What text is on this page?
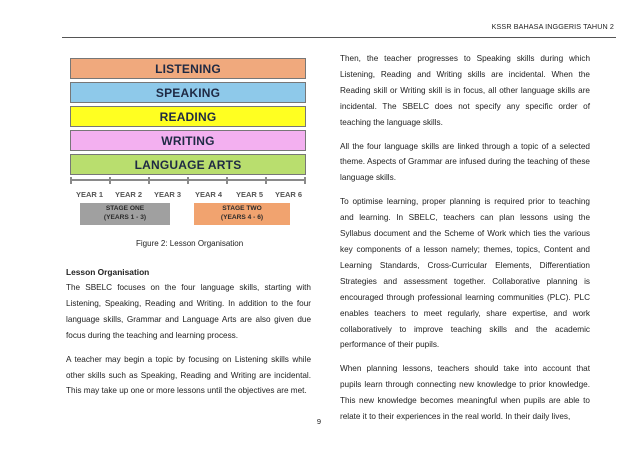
KSSR BAHASA INGGERIS TAHUN 2
LISTENING
SPEAKING
READING
WRITING
LANGUAGE ARTS
YEAR 1 YEAR 2 YEAR 3 YEAR 4 YEAR 5 YEAR 6
STAGE ONE
(YEARS 1 - 3)
STAGE TWO
(YEARS 4 - 6)
Figure 2: Lesson Organisation
Lesson Organisation

The SBELC focuses on the four language skills, starting with Listening, Speaking, Reading and Writing. In addition to the four language skills, Grammar and Language Arts are also given due focus during the teaching and learning process.

A teacher may begin a topic by focusing on Listening skills while other skills such as Speaking, Reading and Writing are incidental. This may take up one or more lessons until the objectives are met.

Then, the teacher progresses to Speaking skills during which Listening, Reading and Writing skills are incidental. When the Reading skill or Writing skill is in focus, all other language skills are incidental. The SBELC does not specify any specific order of teaching the language skills.

All the four language skills are linked through a topic of a selected theme. Aspects of Grammar are infused during the teaching of these language skills.

To optimise learning, proper planning is required prior to teaching and learning. In SBELC, teachers can plan lessons using the Syllabus document and the Scheme of Work which ties the various key components of a lesson namely; themes, topics, Content and Learning Standards, Cross-Curricular Elements, Differentiation Strategies and assessment together. Collaborative planning is encouraged through professional learning communities (PLC). PLC enables teachers to meet regularly, share expertise, and work collaboratively to improve teaching skills and the academic performance of their pupils.

When planning lessons, teachers should take into account that pupils learn through connecting new knowledge to prior knowledge. This new knowledge becomes meaningful when pupils are able to relate it to their experiences in the real world. In their daily lives,

9
